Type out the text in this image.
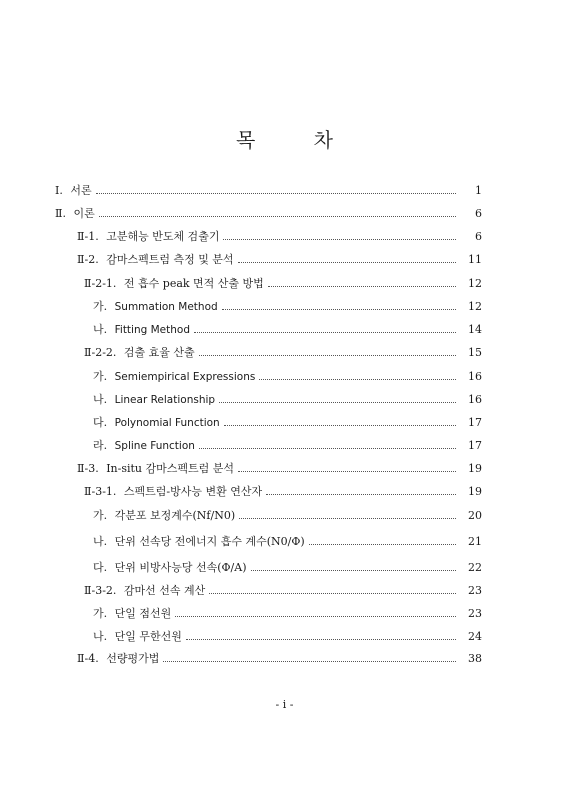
목 차
Ⅰ. 서론	1
Ⅱ. 이론	6
Ⅱ-1. 고분해능 반도체 검출기	6
Ⅱ-2. 감마스펙트럼 측정 및 분석	11
Ⅱ-2-1. 전 흡수 peak 면적 산출 방법	12
가. Summation Method	12
나. Fitting Method	14
Ⅱ-2-2. 검출 효율 산출	15
가. Semiempirical Expressions	16
나. Linear Relationship	16
다. Polynomial Function	17
라. Spline Function	17
Ⅱ-3. In-situ 감마스펙트럼 분석	19
Ⅱ-3-1. 스펙트럼-방사능 변환 연산자	19
가. 각분포 보정계수(Nf/N0)	20
나. 단위 선속당 전에너지 흡수 계수(N0/Φ)	21
다. 단위 비방사능당 선속(Φ/A)	22
Ⅱ-3-2. 감마선 선속 계산	23
가. 단일 점선원	23
나. 단일 무한선원	24
Ⅱ-4. 선량평가법	38
- i -
